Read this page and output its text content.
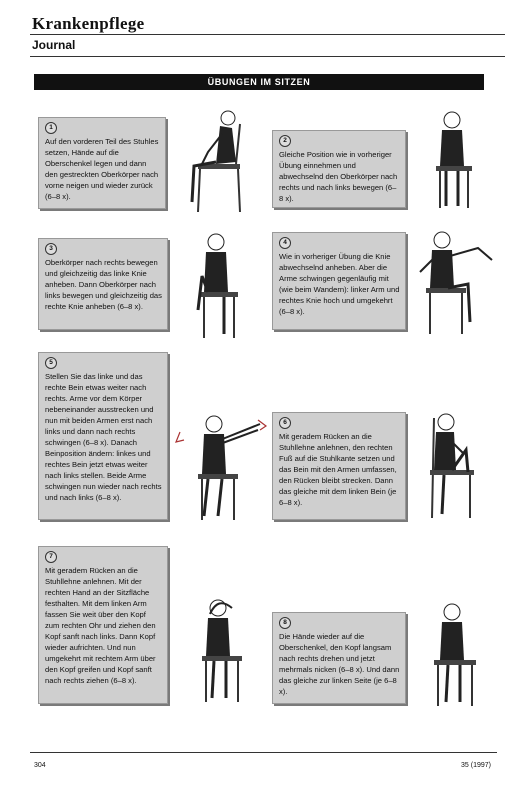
Krankenpflege
Journal
ÜBUNGEN IM SITZEN
1

Auf den vorderen Teil des Stuhles setzen, Hände auf die Oberschenkel legen und dann den gestreckten Oberkörper nach vorne neigen und wieder zurück (6–8 x).

2

Gleiche Position wie in vorheriger Übung einnehmen und abwechselnd den Oberkörper nach rechts und nach links bewegen (6–8 x).

3

Oberkörper nach rechts bewegen und gleichzeitig das linke Knie anheben. Dann Oberkörper nach links bewegen und gleichzeitig das rechte Knie anheben (6–8 x).

4

Wie in vorheriger Übung die Knie abwechselnd anheben. Aber die Arme schwingen gegenläufig mit (wie beim Wandern): linker Arm und rechtes Knie hoch und umgekehrt (6–8 x).

5

Stellen Sie das linke und das rechte Bein etwas weiter nach rechts. Arme vor dem Körper nebeneinander ausstrecken und nun mit beiden Armen erst nach links und dann nach rechts schwingen (6–8 x). Danach Beinposition ändern: linkes und rechtes Bein jetzt etwas weiter nach links stellen. Beide Arme schwingen nun wieder nach rechts und nach links (6–8 x).

6

Mit geradem Rücken an die Stuhllehne anlehnen, den rechten Fuß auf die Stuhlkante setzen und das Bein mit den Armen umfassen, den Rücken bleibt strecken. Dann das gleiche mit dem linken Bein (je 6–8 x).

7

Mit geradem Rücken an die Stuhllehne anlehnen. Mit der rechten Hand an der Sitzfläche festhalten. Mit dem linken Arm fassen Sie weit über den Kopf zum rechten Ohr und ziehen den Kopf sanft nach links. Dann Kopf wieder aufrichten. Und nun umgekehrt mit rechtem Arm über den Kopf greifen und Kopf sanft nach rechts ziehen (6–8 x).

8

Die Hände wieder auf die Oberschenkel, den Kopf langsam nach rechts drehen und jetzt mehrmals nicken (6–8 x). Und dann das gleiche zur linken Seite (je 6–8 x).

304	35 (1997)
